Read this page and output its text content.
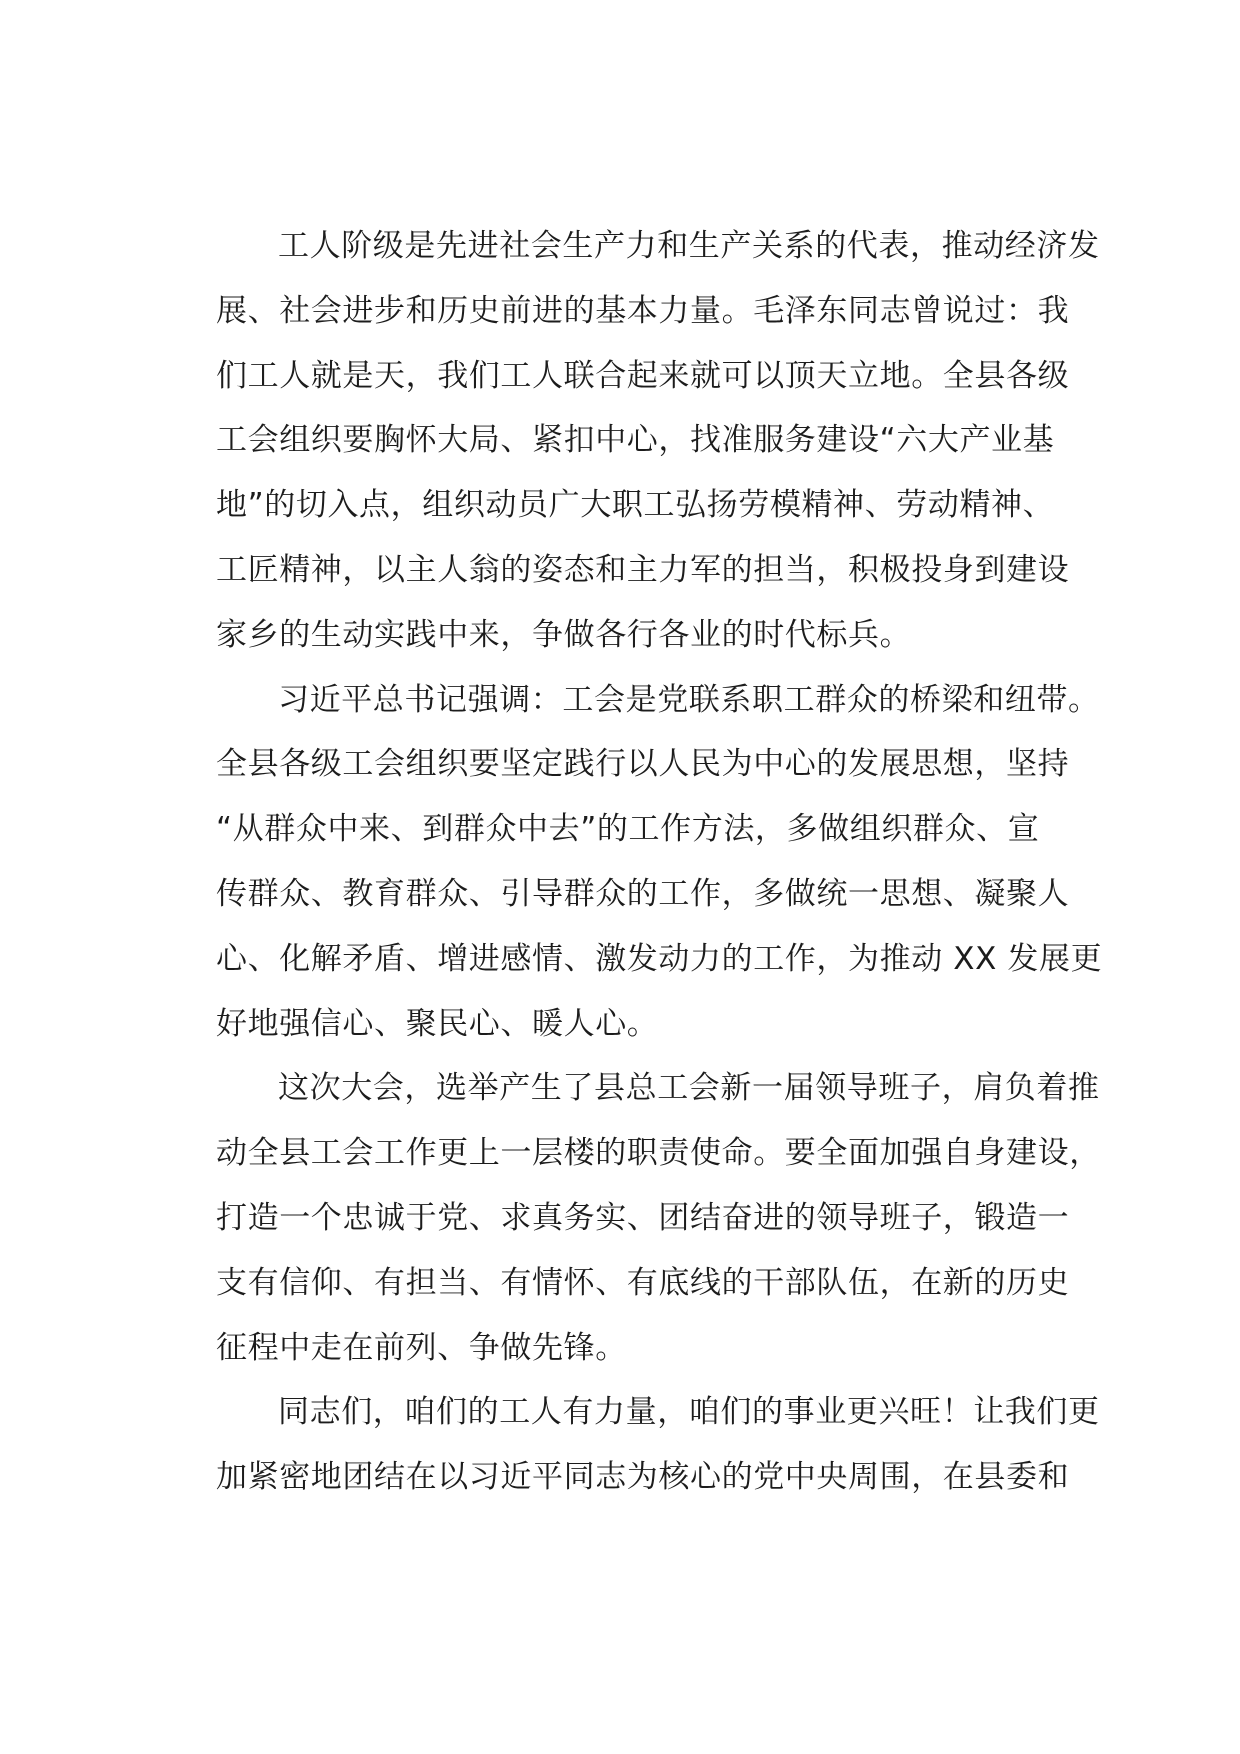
工人阶级是先进社会生产力和生产关系的代表，推动经济发
展、社会进步和历史前进的基本力量。毛泽东同志曾说过：我
们工人就是天，我们工人联合起来就可以顶天立地。全县各级
工会组织要胸怀大局、紧扣中心，找准服务建设“六大产业基
地”的切入点，组织动员广大职工弘扬劳模精神、劳动精神、
工匠精神，以主人翁的姿态和主力军的担当，积极投身到建设
家乡的生动实践中来，争做各行各业的时代标兵。
习近平总书记强调：工会是党联系职工群众的桥梁和纽带。
全县各级工会组织要坚定践行以人民为中心的发展思想，坚持
“从群众中来、到群众中去”的工作方法，多做组织群众、宣
传群众、教育群众、引导群众的工作，多做统一思想、凝聚人
心、化解矛盾、增进感情、激发动力的工作，为推动 XX 发展更
好地强信心、聚民心、暖人心。
这次大会，选举产生了县总工会新一届领导班子，肩负着推
动全县工会工作更上一层楼的职责使命。要全面加强自身建设，
打造一个忠诚于党、求真务实、团结奋进的领导班子，锻造一
支有信仰、有担当、有情怀、有底线的干部队伍，在新的历史
征程中走在前列、争做先锋。
同志们，咱们的工人有力量，咱们的事业更兴旺！让我们更
加紧密地团结在以习近平同志为核心的党中央周围，在县委和
